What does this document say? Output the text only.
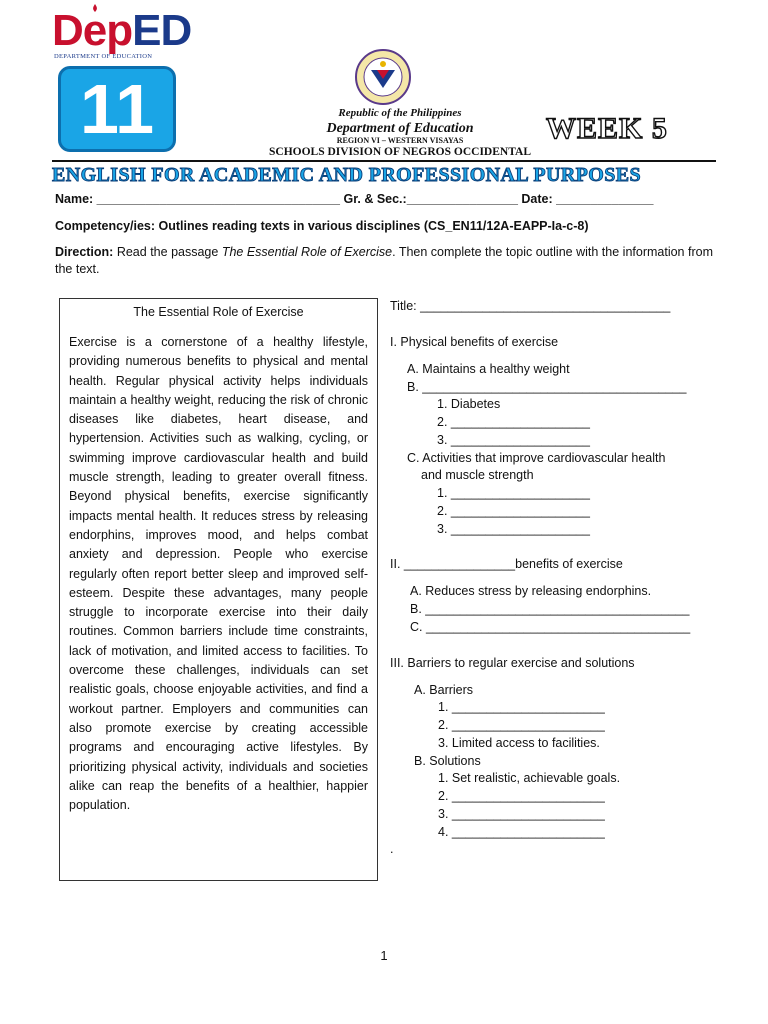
DepED
DEPARTMENT OF EDUCATION
11	Republic of the Philippines
Department of Education
REGION VI – WESTERN VISAYAS
SCHOOLS DIVISION OF NEGROS OCCIDENTAL
WEEK 5
ENGLISH FOR ACADEMIC AND PROFESSIONAL PURPOSES
Name: ___________________________________ Gr. & Sec.:________________ Date: ______________
Competency/ies: Outlines reading texts in various disciplines (CS_EN11/12A-EAPP-Ia-c-8)
Direction: Read the passage The Essential Role of Exercise. Then complete the topic outline with the information from the text.
The Essential Role of Exercise
Exercise is a cornerstone of a healthy lifestyle, providing numerous benefits to physical and mental health. Regular physical activity helps individuals maintain a healthy weight, reducing the risk of chronic diseases like diabetes, heart disease, and hypertension. Activities such as walking, cycling, or swimming improve cardiovascular health and build muscle strength, leading to greater overall fitness. Beyond physical benefits, exercise significantly impacts mental health. It reduces stress by releasing endorphins, improves mood, and helps combat anxiety and depression. People who exercise regularly often report better sleep and improved self-esteem. Despite these advantages, many people struggle to incorporate exercise into their daily routines. Common barriers include time constraints, lack of motivation, and limited access to facilities. To overcome these challenges, individuals can set realistic goals, choose enjoyable activities, and find a workout partner. Employers and communities can also promote exercise by creating accessible programs and encouraging active lifestyles. By prioritizing physical activity, individuals and societies alike can reap the benefits of a healthier, happier population.
Title: ____________________________________
I. Physical benefits of exercise
A. Maintains a healthy weight
B. ______________________________________
1. Diabetes
2. ____________________
3. ____________________
C. Activities that improve cardiovascular health
and muscle strength
1. ____________________
2. ____________________
3. ____________________
II. ________________benefits of exercise
A. Reduces stress by releasing endorphins.
B. ______________________________________
C. ______________________________________
III. Barriers to regular exercise and solutions
A. Barriers
1. ______________________
2. ______________________
3. Limited access to facilities.
B. Solutions
1. Set realistic, achievable goals.
2. ______________________
3. ______________________
4. ______________________
.
1
